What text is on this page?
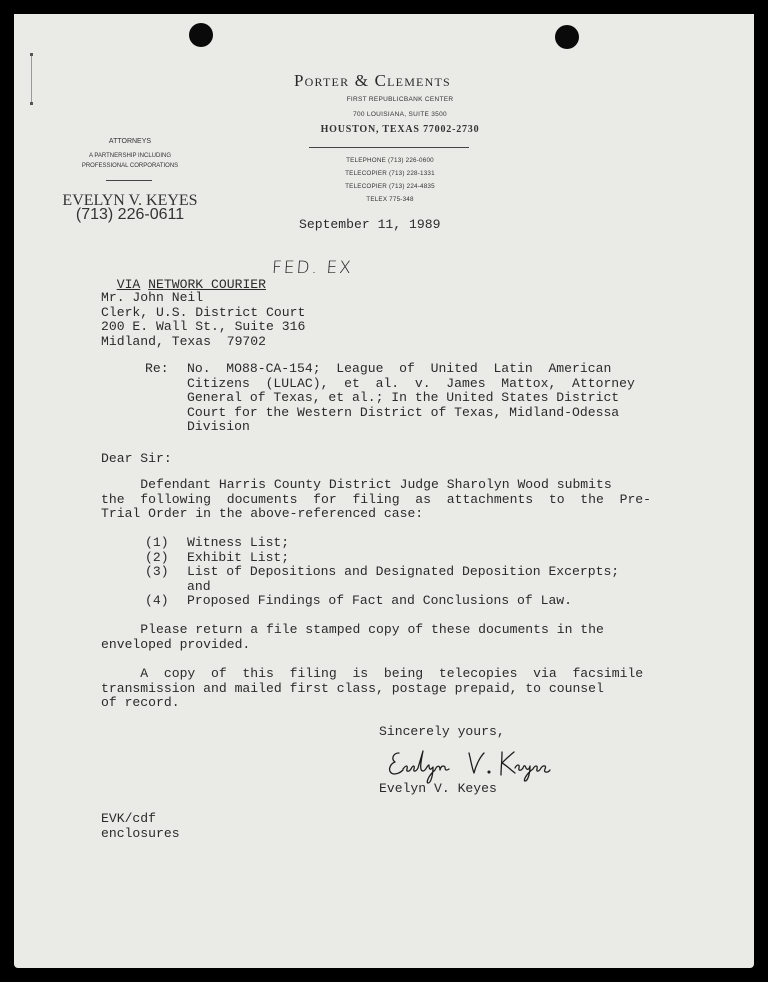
Porter & Clements
FIRST REPUBLICBANK CENTER
700 LOUISIANA, SUITE 3500
HOUSTON, TEXAS 77002-2730
TELEPHONE (713) 226-0600
TELECOPIER (713) 228-1331
TELECOPIER (713) 224-4835
TELEX 775-348
ATTORNEYS
A PARTNERSHIP INCLUDING
PROFESSIONAL CORPORATIONS
EVELYN V. KEYES
(713) 226-0611
September 11, 1989

VIA NETWORK COURIER

FED. EX
Mr. John Neil
Clerk, U.S. District Court
200 E. Wall St., Suite 316
Midland, Texas  79702
Re: No.  MO88-CA-154;  League  of  United  Latin  American
Citizens  (LULAC),  et  al.  v.  James  Mattox,  Attorney
General of Texas, et al.; In the United States District
Court for the Western District of Texas, Midland-Odessa
Division
Dear Sir:
Defendant Harris County District Judge Sharolyn Wood submits
the  following  documents  for  filing  as  attachments  to  the  Pre-
Trial Order in the above-referenced case:
(1) Witness List;
(2) Exhibit List;
(3) List of Depositions and Designated Deposition Excerpts;
and
(4) Proposed Findings of Fact and Conclusions of Law.
Please return a file stamped copy of these documents in the
enveloped provided.
A  copy  of  this  filing  is  being  telecopies  via  facsimile
transmission and mailed first class, postage prepaid, to counsel
of record.
Sincerely yours,
Evelyn V. Keyes
EVK/cdf
enclosures
